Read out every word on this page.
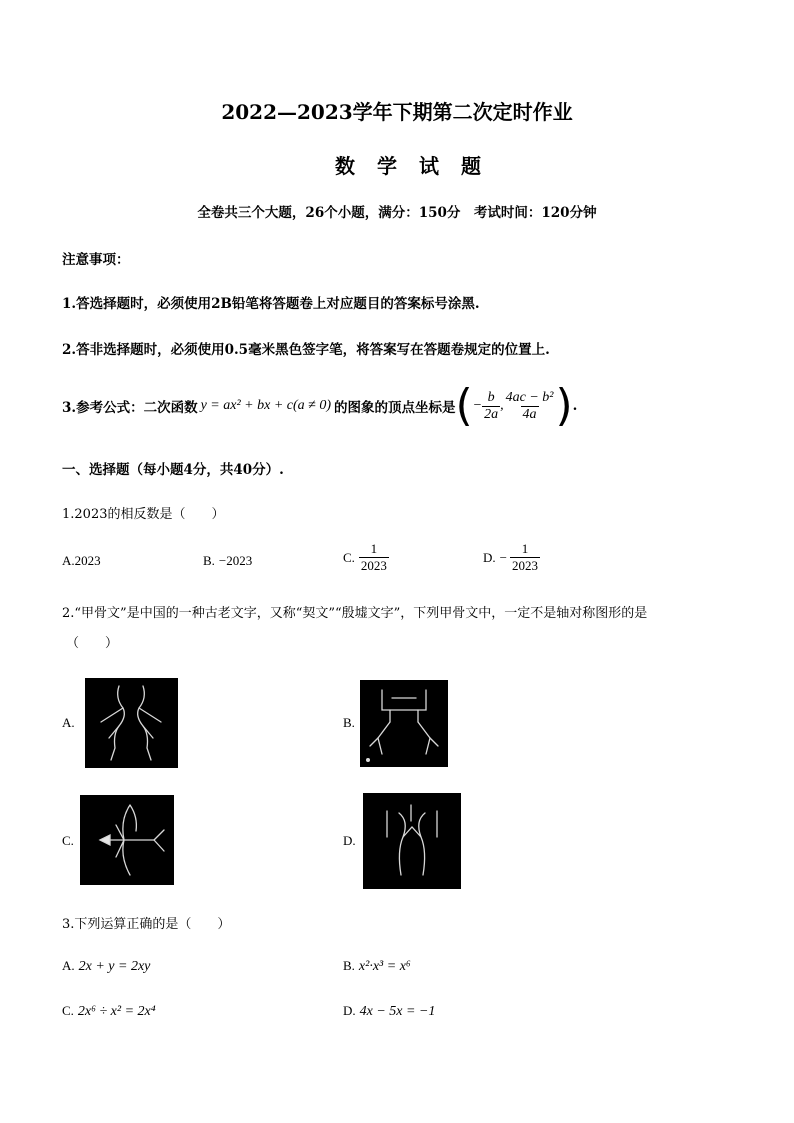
2022—2023学年下期第二次定时作业
数学试题
全卷共三个大题，26个小题，满分：150分　考试时间：120分钟
注意事项：
1.答选择题时，必须使用2B铅笔将答题卷上对应题目的答案标号涂黑.
2.答非选择题时，必须使用0.5毫米黑色签字笔，将答案写在答题卷规定的位置上.
3.参考公式：二次函数 y = ax² + bx + c(a ≠ 0) 的图象的顶点坐标是 ( − $\frac{b}{2a}$ , $\frac{\text{4ac − b²}}{4a}$ ) .
一、选择题（每小题4分，共40分）.
1.2023的相反数是（　　）
A.2023	B. −2023	C. $\frac{1}{2023}$	D. − $\frac{1}{2023}$
2.“甲骨文”是中国的一种古老文字，又称“契文”“殷墟文字”，下列甲骨文中，一定不是轴对称图形的是
（　　）
A.	B.
C.	D.
3.下列运算正确的是（　　）
A. 2x + y = 2xy	B. x²·x³ = x⁶
C. 2x⁶ ÷ x² = 2x⁴	D. 4x − 5x = −1
